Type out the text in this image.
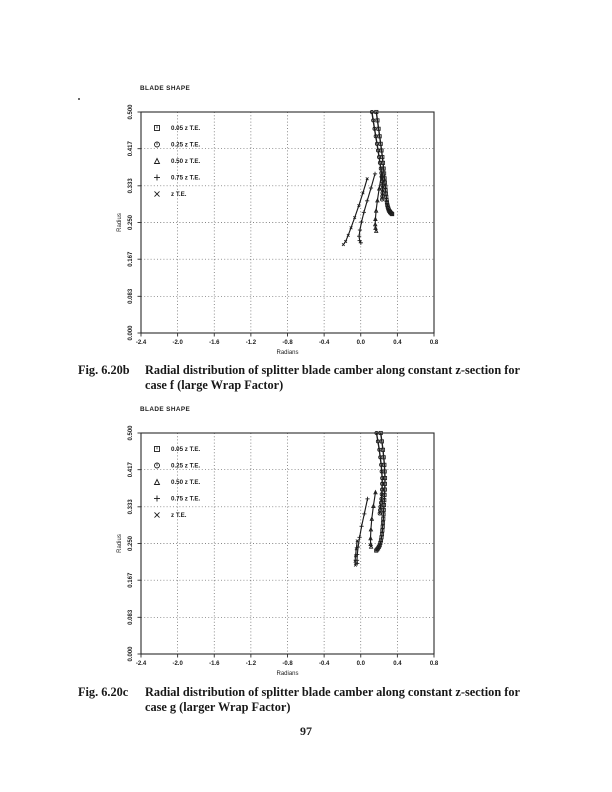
BLADE SHAPE
-2.4	-2.0	-1.6	-1.2	-0.8	-0.4	0.0	0.4	0.8
Radians
0.000
0.083
0.167
0.250
0.333
0.417
0.500
Radius
0.05 z T.E.
0.25 z T.E.
0.50 z T.E.
0.75 z T.E.
z T.E.
Fig. 6.20b	Radial distribution of splitter blade camber along constant z-section for
case f (large Wrap Factor)
BLADE SHAPE
-2.4	-2.0	-1.6	-1.2	-0.8	-0.4	0.0	0.4	0.8
Radians
0.000
0.083
0.167
0.250
0.333
0.417
0.500
Radius
0.05 z T.E.
0.25 z T.E.
0.50 z T.E.
0.75 z T.E.
z T.E.
Fig. 6.20c	Radial distribution of splitter blade camber along constant z-section for
case g (larger Wrap Factor)
97
